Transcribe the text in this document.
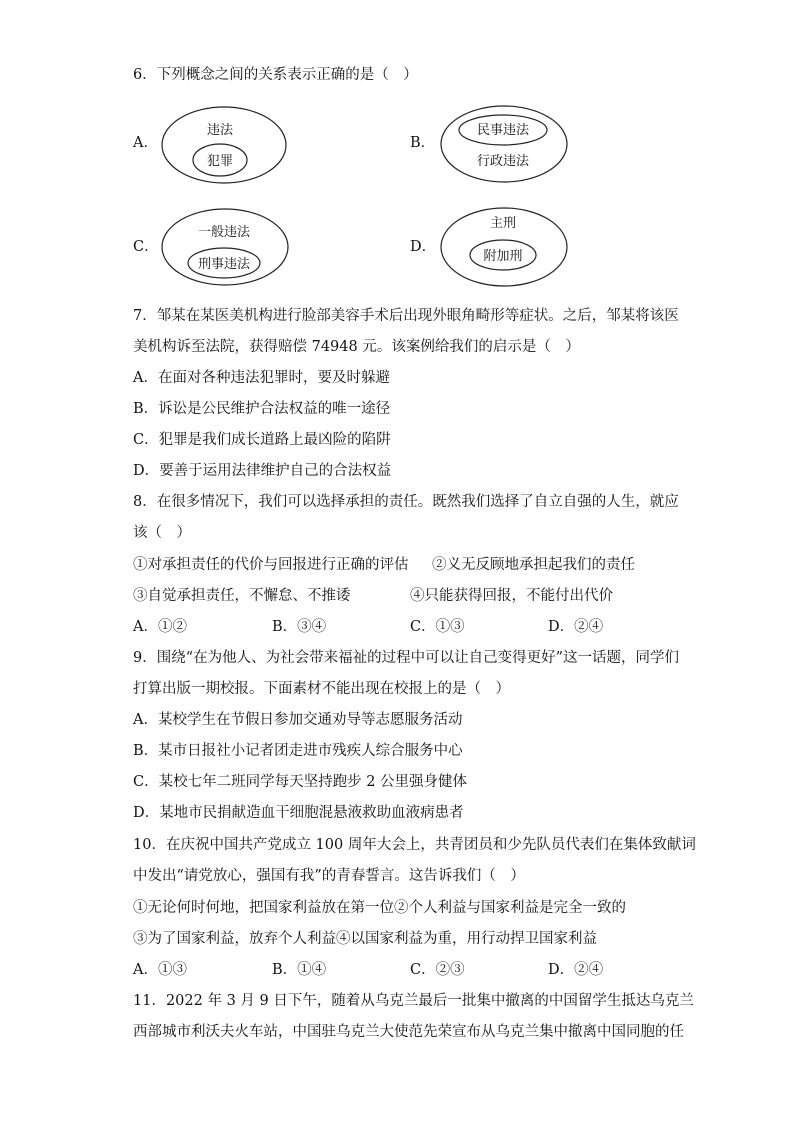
6．下列概念之间的关系表示正确的是（　）
A．
违法
犯罪
B．
民事违法
行政违法
C．
一般违法
刑事违法
D．
主刑
附加刑
7．邹某在某医美机构进行脸部美容手术后出现外眼角畸形等症状。之后，邹某将该医
美机构诉至法院，获得赔偿 74948 元。该案例给我们的启示是（　）
A．在面对各种违法犯罪时，要及时躲避
B．诉讼是公民维护合法权益的唯一途径
C．犯罪是我们成长道路上最凶险的陷阱
D．要善于运用法律维护自己的合法权益
8．在很多情况下，我们可以选择承担的责任。既然我们选择了自立自强的人生，就应
该（　）
①对承担责任的代价与回报进行正确的评估 ②义无反顾地承担起我们的责任
③自觉承担责任，不懈怠、不推诿	④只能获得回报，不能付出代价
A．①②	B．③④	C．①③	D．②④
9．围绕“在为他人、为社会带来福祉的过程中可以让自己变得更好”这一话题，同学们
打算出版一期校报。下面素材不能出现在校报上的是（　）
A．某校学生在节假日参加交通劝导等志愿服务活动
B．某市日报社小记者团走进市残疾人综合服务中心
C．某校七年二班同学每天坚持跑步 2 公里强身健体
D．某地市民捐献造血干细胞混悬液救助血液病患者
10．在庆祝中国共产党成立 100 周年大会上，共青团员和少先队员代表们在集体致献词
中发出“请党放心，强国有我”的青春誓言。这告诉我们（　）
①无论何时何地，把国家利益放在第一位②个人利益与国家利益是完全一致的
③为了国家利益，放弃个人利益④以国家利益为重，用行动捍卫国家利益
A．①③	B．①④	C．②③	D．②④
11．2022 年 3 月 9 日下午，随着从乌克兰最后一批集中撤离的中国留学生抵达乌克兰
西部城市利沃夫火车站，中国驻乌克兰大使范先荣宣布从乌克兰集中撤离中国同胞的任
